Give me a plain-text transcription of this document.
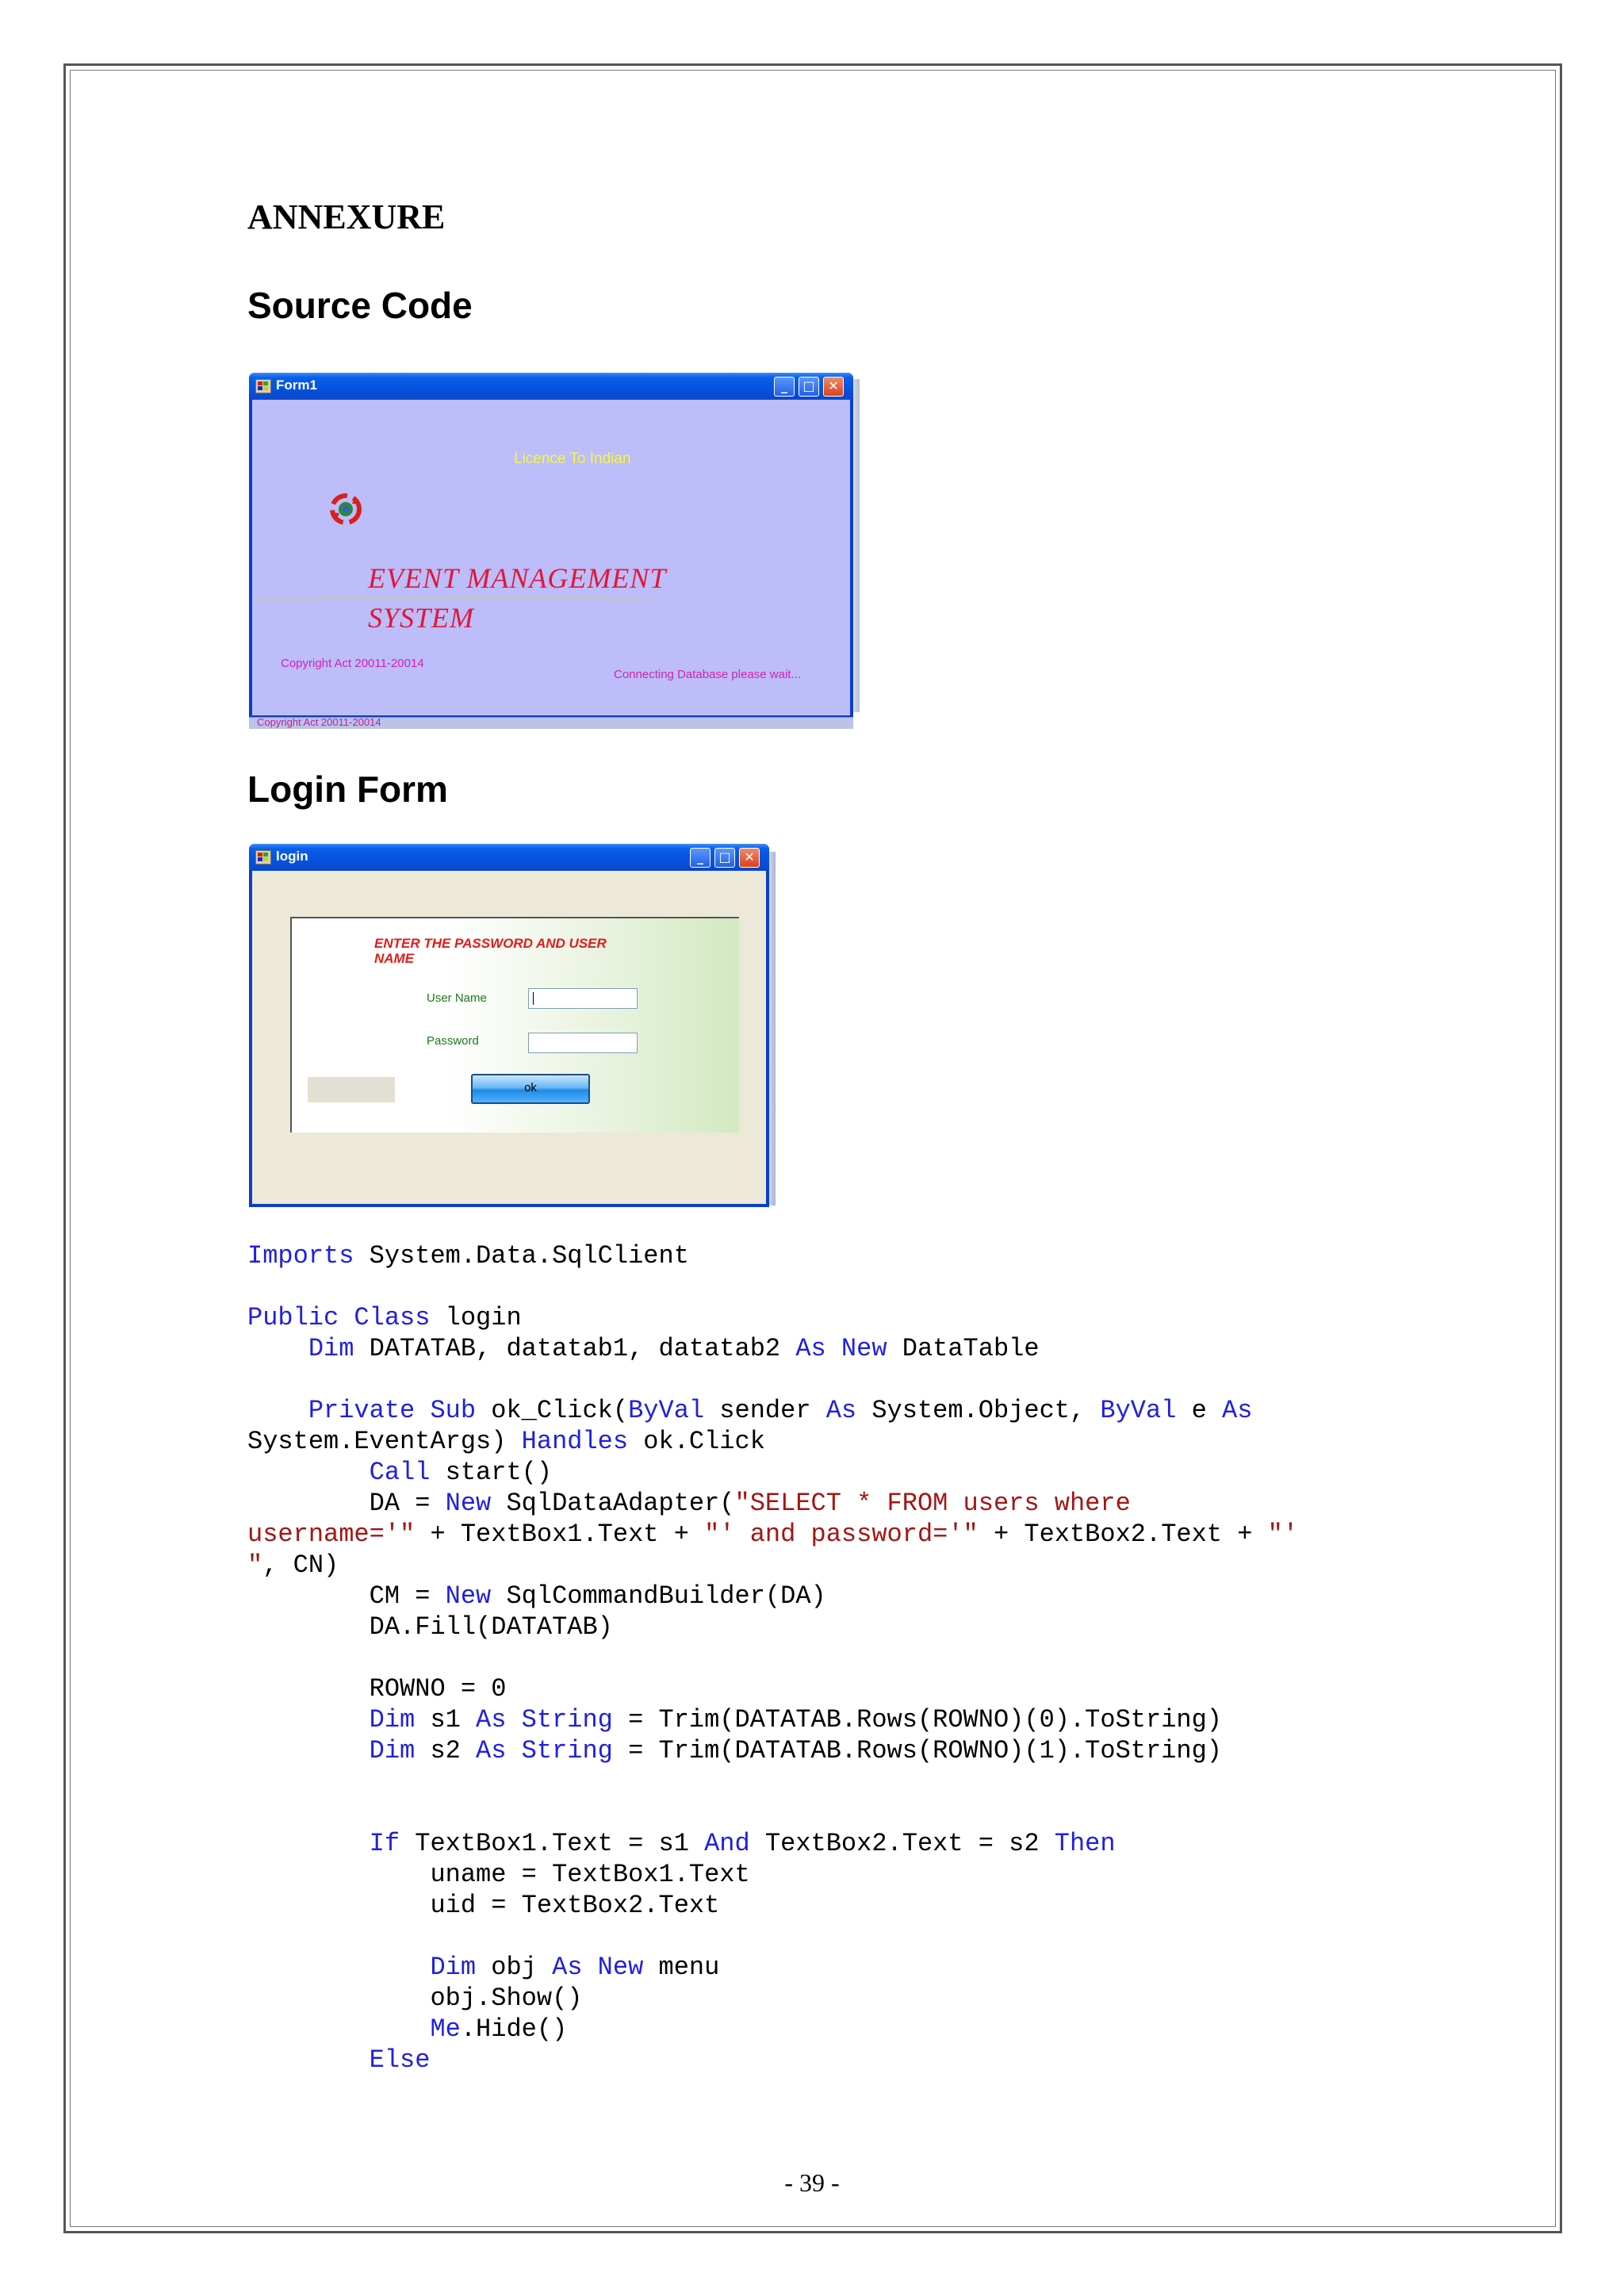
ANNEXURE
Source Code
Licence To Indian
EVENT MANAGEMENT
SYSTEM
Copyright Act 20011-20014
Connecting Database please wait...
Form1	_	□	✕
Copyright Act 20011-20014
Login Form
ENTER THE PASSWORD AND USER NAME
User Name
Password
ok
login	_	□	✕
Imports System.Data.SqlClient

Public Class login
Dim DATATAB, datatab1, datatab2 As New DataTable

Private Sub ok_Click(ByVal sender As System.Object, ByVal e As
System.EventArgs) Handles ok.Click
Call start()
DA = New SqlDataAdapter("SELECT * FROM users where
username='" + TextBox1.Text + "' and password='" + TextBox2.Text + "'
", CN)
CM = New SqlCommandBuilder(DA)
DA.Fill(DATATAB)

ROWNO = 0
Dim s1 As String = Trim(DATATAB.Rows(ROWNO)(0).ToString)
Dim s2 As String = Trim(DATATAB.Rows(ROWNO)(1).ToString)

If TextBox1.Text = s1 And TextBox2.Text = s2 Then
uname = TextBox1.Text
uid = TextBox2.Text

Dim obj As New menu
obj.Show()
Me.Hide()
Else
- 39 -
